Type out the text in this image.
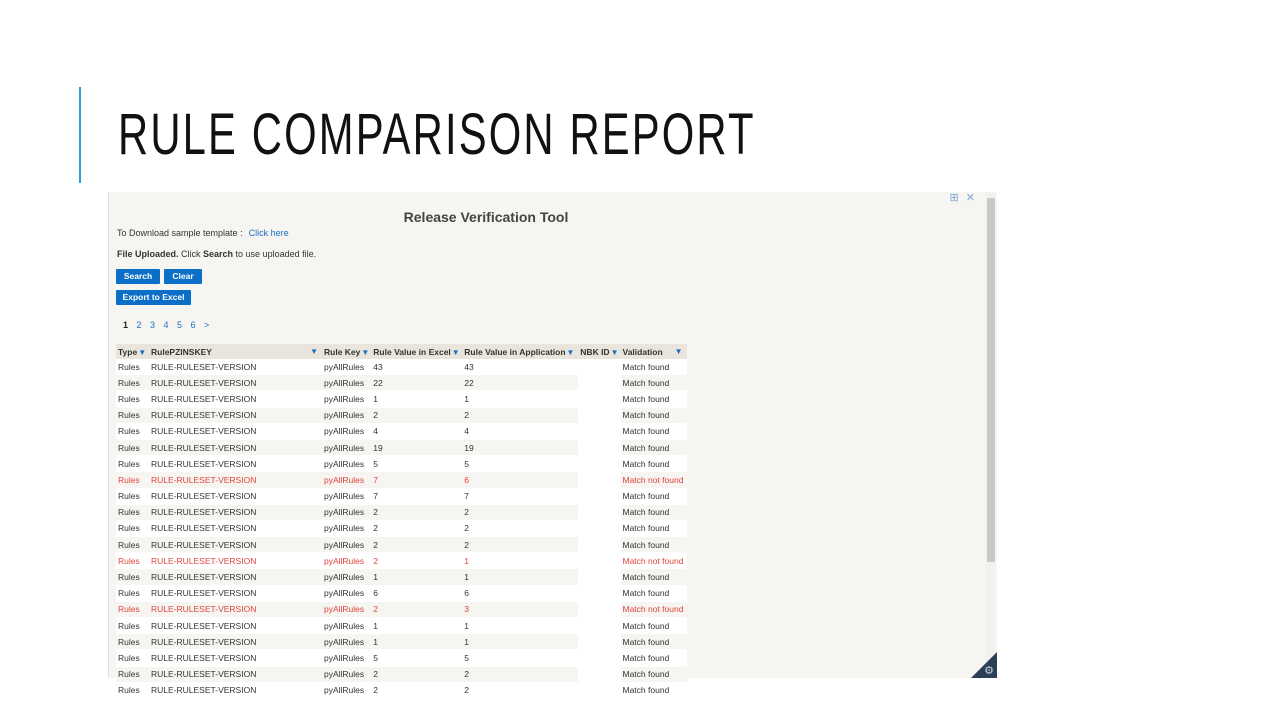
RULE COMPARISON REPORT
⊞ ✕
Release Verification Tool
To Download sample template : Click here
File Uploaded. Click Search to use uploaded file.
Search	Clear
Export to Excel
1 2 3 4 5 6 >
Type▼	RulePZINSKEY ▼	Rule Key▼	Rule Value in Excel▼	Rule Value in Application▼	NBK ID▼	Validation ▼

Rules	RULE-RULESET-VERSION	pyAllRules	43	43		Match found
Rules	RULE-RULESET-VERSION	pyAllRules	22	22		Match found
Rules	RULE-RULESET-VERSION	pyAllRules	1	1		Match found
Rules	RULE-RULESET-VERSION	pyAllRules	2	2		Match found
Rules	RULE-RULESET-VERSION	pyAllRules	4	4		Match found
Rules	RULE-RULESET-VERSION	pyAllRules	19	19		Match found
Rules	RULE-RULESET-VERSION	pyAllRules	5	5		Match found
Rules	RULE-RULESET-VERSION	pyAllRules	7	6		Match not found
Rules	RULE-RULESET-VERSION	pyAllRules	7	7		Match found
Rules	RULE-RULESET-VERSION	pyAllRules	2	2		Match found
Rules	RULE-RULESET-VERSION	pyAllRules	2	2		Match found
Rules	RULE-RULESET-VERSION	pyAllRules	2	2		Match found
Rules	RULE-RULESET-VERSION	pyAllRules	2	1		Match not found
Rules	RULE-RULESET-VERSION	pyAllRules	1	1		Match found
Rules	RULE-RULESET-VERSION	pyAllRules	6	6		Match found
Rules	RULE-RULESET-VERSION	pyAllRules	2	3		Match not found
Rules	RULE-RULESET-VERSION	pyAllRules	1	1		Match found
Rules	RULE-RULESET-VERSION	pyAllRules	1	1		Match found
Rules	RULE-RULESET-VERSION	pyAllRules	5	5		Match found
Rules	RULE-RULESET-VERSION	pyAllRules	2	2		Match found
Rules	RULE-RULESET-VERSION	pyAllRules	2	2		Match found
⚙
